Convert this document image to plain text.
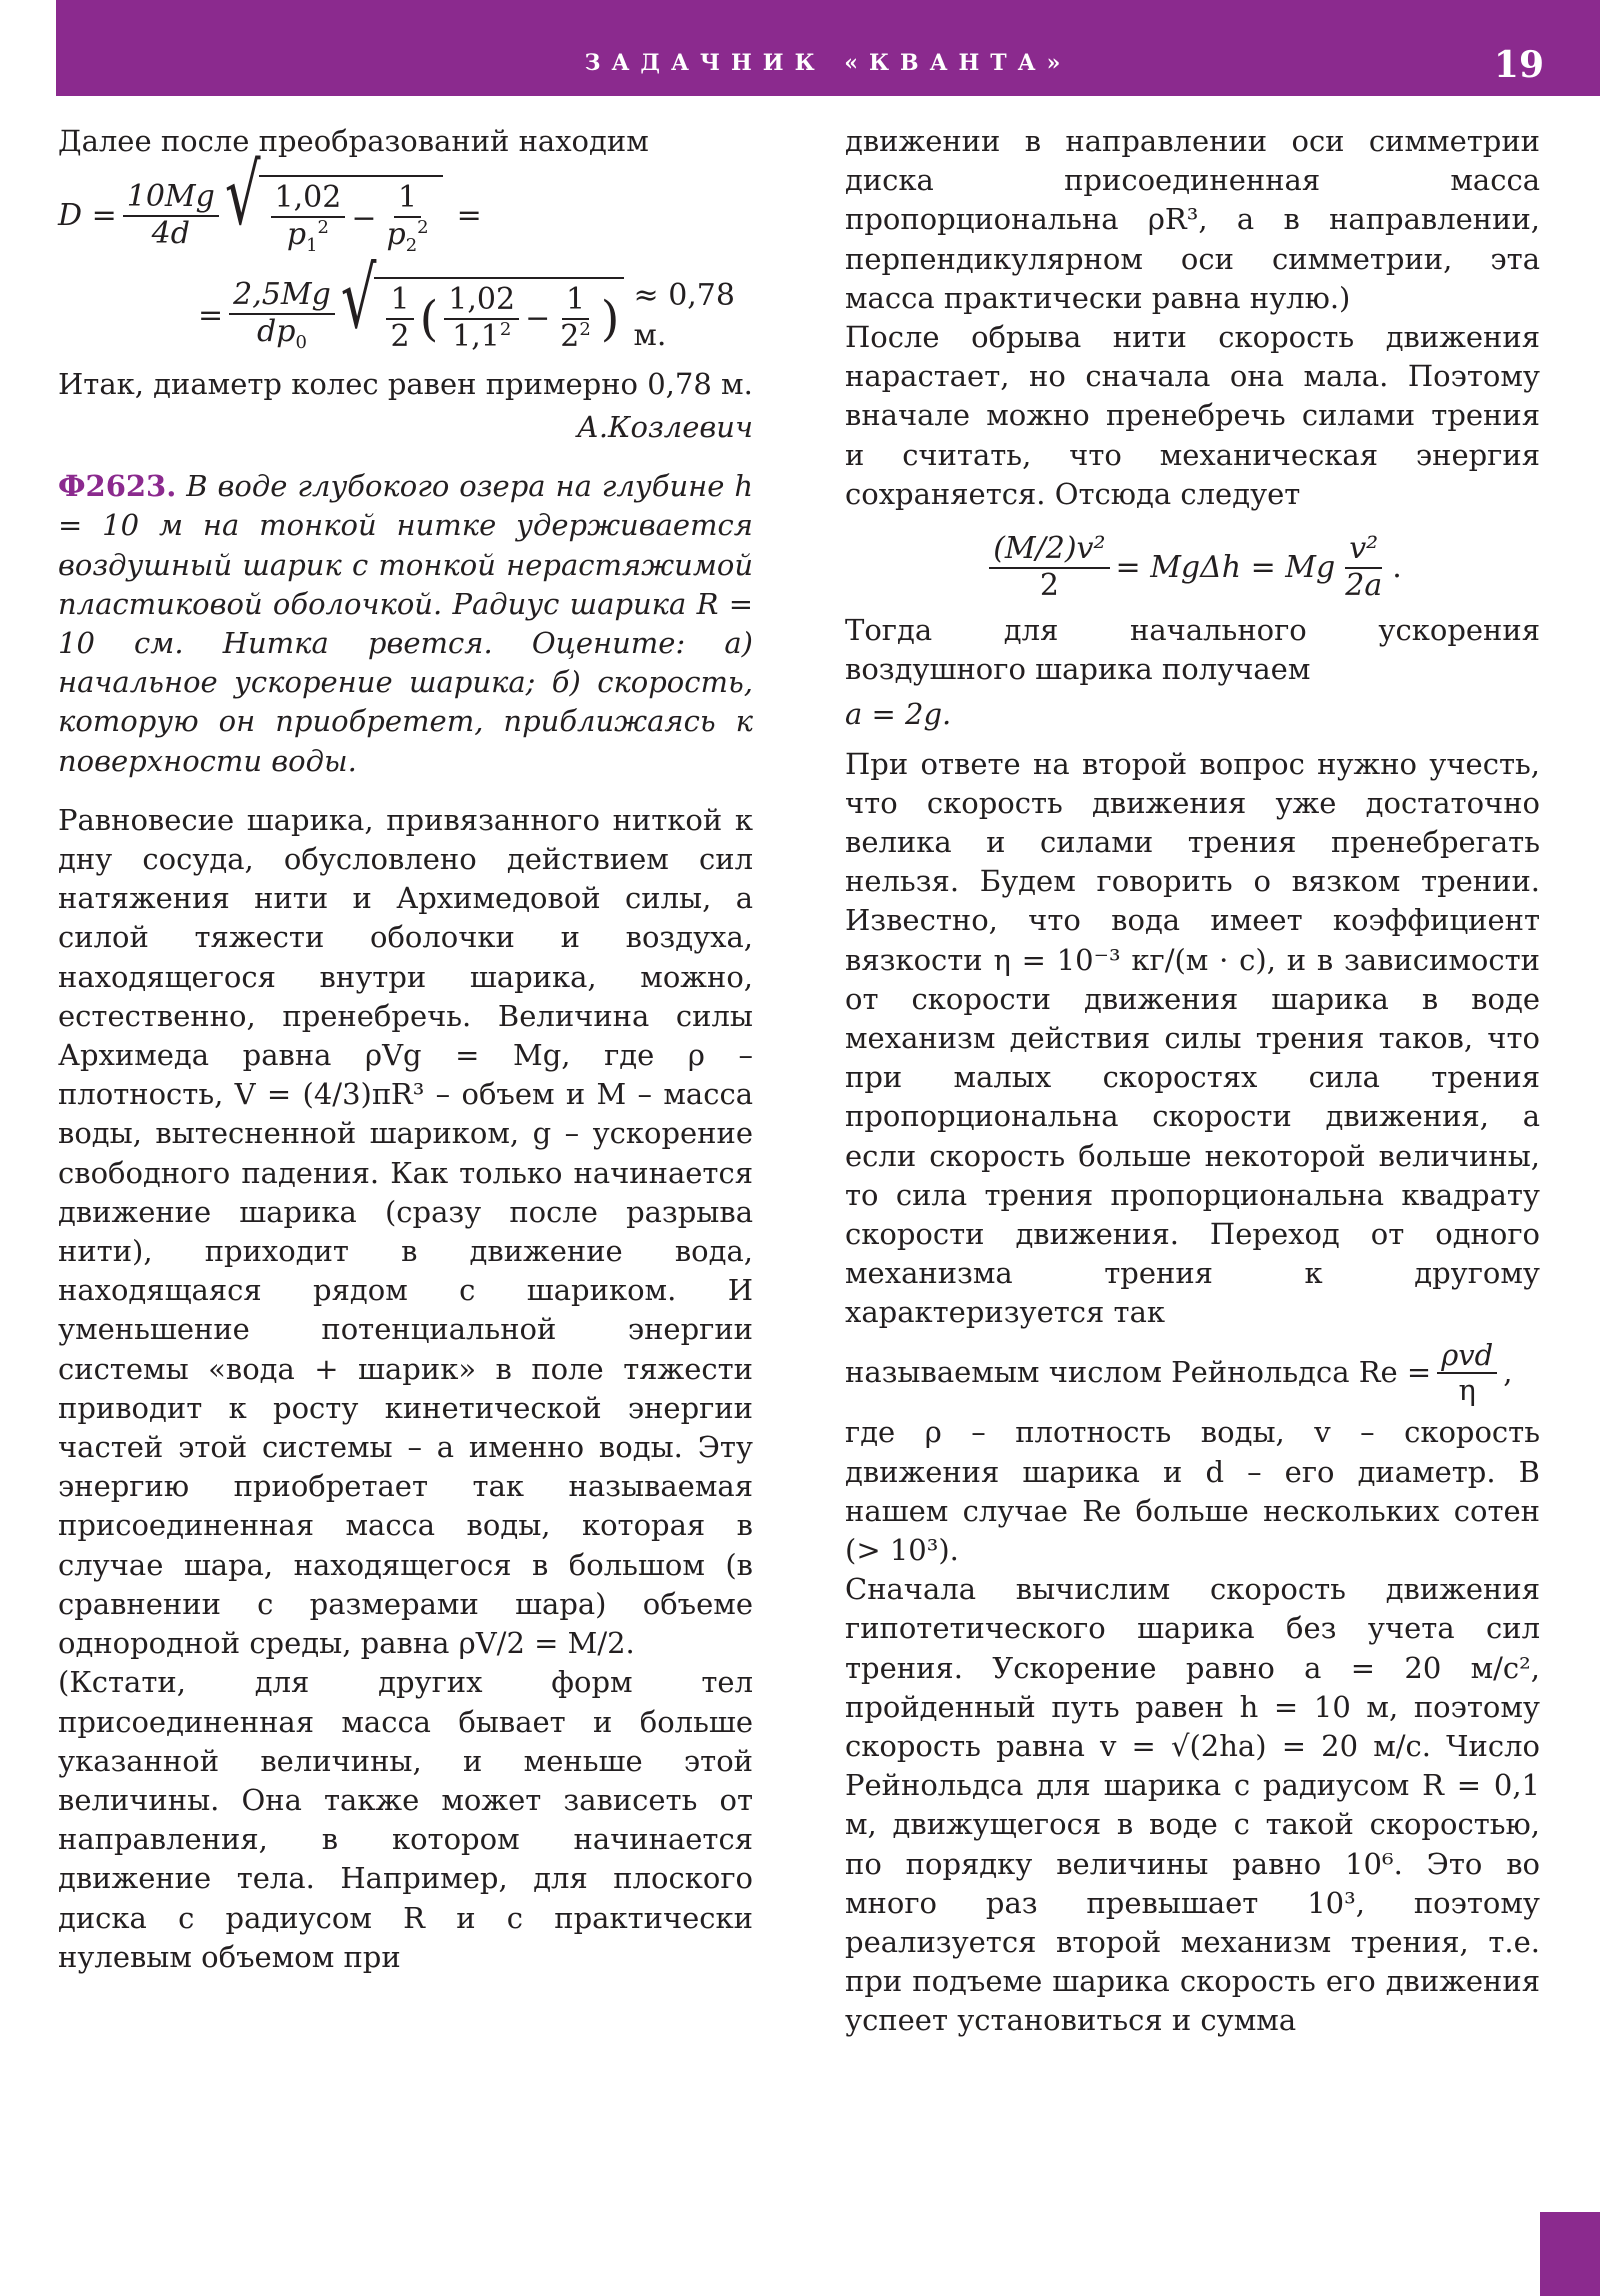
ЗАДАЧНИК «КВАНТА»	19

Далее после преобразований находим

$D = \frac{10Mg}{4d}$ √ $\frac{1,02}{p_1^2} - \frac{1}{p_2^2}$ =
= $\frac{2,5Mg}{dp_0}$ √ $\frac{1}{2}$ ( $\frac{1,02}{1,1^2} - \frac{1}{2^2}$ ) ≈ 0,78 м.

Итак, диаметр колес равен примерно 0,78 м.

А.Козлевич

Ф2623. В воде глубокого озера на глубине h = 10 м на тонкой нитке удерживается воздушный шарик с тонкой нерастяжимой пластиковой оболочкой. Радиус шарика R = 10 см. Нитка рвется. Оцените: а) начальное ускорение шарика; б) скорость, которую он приобретет, приближаясь к поверхности воды.

Равновесие шарика, привязанного ниткой к дну сосуда, обусловлено действием сил натяжения нити и Архимедовой силы, а силой тяжести оболочки и воздуха, находящегося внутри шарика, можно, естественно, пренебречь. Величина силы Архимеда равна ρVg = Mg, где ρ – плотность, V = (4/3)πR³ – объем и M – масса воды, вытесненной шариком, g – ускорение свободного падения. Как только начинается движение шарика (сразу после разрыва нити), приходит в движение вода, находящаяся рядом с шариком. И уменьшение потенциальной энергии системы «вода + шарик» в поле тяжести приводит к росту кинетической энергии частей этой системы – а именно воды. Эту энергию приобретает так называемая присоединенная масса воды, которая в случае шара, находящегося в большом (в сравнении с размерами шара) объеме однородной среды, равна ρV/2 = M/2.

(Кстати, для других форм тел присоединенная масса бывает и больше указанной величины, и меньше этой величины. Она также может зависеть от направления, в котором начинается движение тела. Например, для плоского диска с радиусом R и с практически нулевым объемом при

движении в направлении оси симметрии диска присоединенная масса пропорциональна ρR³, а в направлении, перпендикулярном оси симметрии, эта масса практически равна нулю.)

После обрыва нити скорость движения нарастает, но сначала она мала. Поэтому вначале можно пренебречь силами трения и считать, что механическая энергия сохраняется. Отсюда следует

$\frac{\text{(M/2)v²}}{2} = Mg\Delta h = Mg \frac{\text{v²}}{2a}$ .

Тогда для начального ускорения воздушного шарика получаем

a = 2g.

При ответе на второй вопрос нужно учесть, что скорость движения уже достаточно велика и силами трения пренебрегать нельзя. Будем говорить о вязком трении. Известно, что вода имеет коэффициент вязкости η = 10⁻³ кг/(м · с), и в зависимости от скорости движения шарика в воде механизм действия силы трения таков, что при малых скоростях сила трения пропорциональна скорости движения, а если скорость больше некоторой величины, то сила трения пропорциональна квадрату скорости движения. Переход от одного механизма трения к другому характеризуется так

называемым числом Рейнольдса $Re = \frac{\text{ρvd}}{\eta}$ ,

где ρ – плотность воды, v – скорость движения шарика и d – его диаметр. В нашем случае Re больше нескольких сотен (> 10³).

Сначала вычислим скорость движения гипотетического шарика без учета сил трения. Ускорение равно a = 20 м/с², пройденный путь равен h = 10 м, поэтому скорость равна v = √(2ha) = 20 м/с. Число Рейнольдса для шарика с радиусом R = 0,1 м, движущегося в воде с такой скоростью, по порядку величины равно 10⁶. Это во много раз превышает 10³, поэтому реализуется второй механизм трения, т.е. при подъеме шарика скорость его движения успеет установиться и сумма
